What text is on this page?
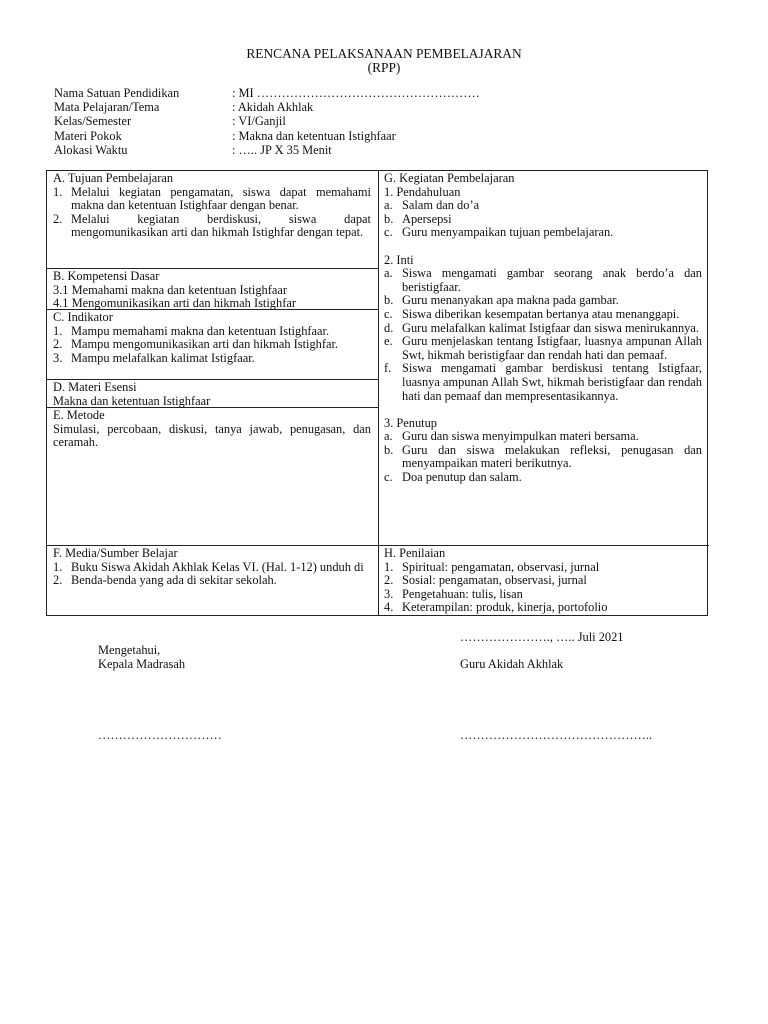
RENCANA PELAKSANAAN PEMBELAJARAN
(RPP)
Nama Satuan Pendidikan	: MI ………………………………………………
Mata Pelajaran/Tema	: Akidah Akhlak
Kelas/Semester	: VI/Ganjil
Materi Pokok	: Makna dan ketentuan Istighfaar
Alokasi Waktu	: ….. JP X 35 Menit
A. Tujuan Pembelajaran
1. Melalui kegiatan pengamatan, siswa dapat memahami makna dan ketentuan Istighfaar dengan benar.
2. Melalui kegiatan berdiskusi, siswa dapat mengomunikasikan arti dan hikmah Istighfar dengan tepat.
B. Kompetensi Dasar
3.1 Memahami makna dan ketentuan Istighfaar
4.1 Mengomunikasikan arti dan hikmah Istighfar
C. Indikator
1. Mampu memahami makna dan ketentuan Istighfaar.
2. Mampu mengomunikasikan arti dan hikmah Istighfar.
3. Mampu melafalkan kalimat Istigfaar.
D. Materi Esensi
Makna dan ketentuan Istighfaar
E. Metode
Simulasi, percobaan, diskusi, tanya jawab, penugasan, dan ceramah.
F. Media/Sumber Belajar
1. Buku Siswa Akidah Akhlak Kelas VI. (Hal. 1-12) unduh di
2. Benda-benda yang ada di sekitar sekolah.
G. Kegiatan Pembelajaran
1. Pendahuluan
a. Salam dan do’a
b. Apersepsi
c. Guru menyampaikan tujuan pembelajaran.
2. Inti
a. Siswa mengamati gambar seorang anak berdo’a dan beristigfaar.
b. Guru menanyakan apa makna pada gambar.
c. Siswa diberikan kesempatan bertanya atau menanggapi.
d. Guru melafalkan kalimat Istigfaar dan siswa menirukannya.
e. Guru menjelaskan tentang Istigfaar, luasnya ampunan Allah Swt, hikmah beristigfaar dan rendah hati dan pemaaf.
f. Siswa mengamati gambar berdiskusi tentang Istigfaar, luasnya ampunan Allah Swt, hikmah beristigfaar dan rendah hati dan pemaaf dan mempresentasikannya.
3. Penutup
a. Guru dan siswa menyimpulkan materi bersama.
b. Guru dan siswa melakukan refleksi, penugasan dan menyampaikan materi berikutnya.
c. Doa penutup dan salam.
H. Penilaian
1. Spiritual: pengamatan, observasi, jurnal
2. Sosial: pengamatan, observasi, jurnal
3. Pengetahuan: tulis, lisan
4. Keterampilan: produk, kinerja, portofolio
…………………., ….. Juli 2021
Mengetahui,
Kepala Madrasah	Guru Akidah Akhlak
…………………………	………………………………………..
